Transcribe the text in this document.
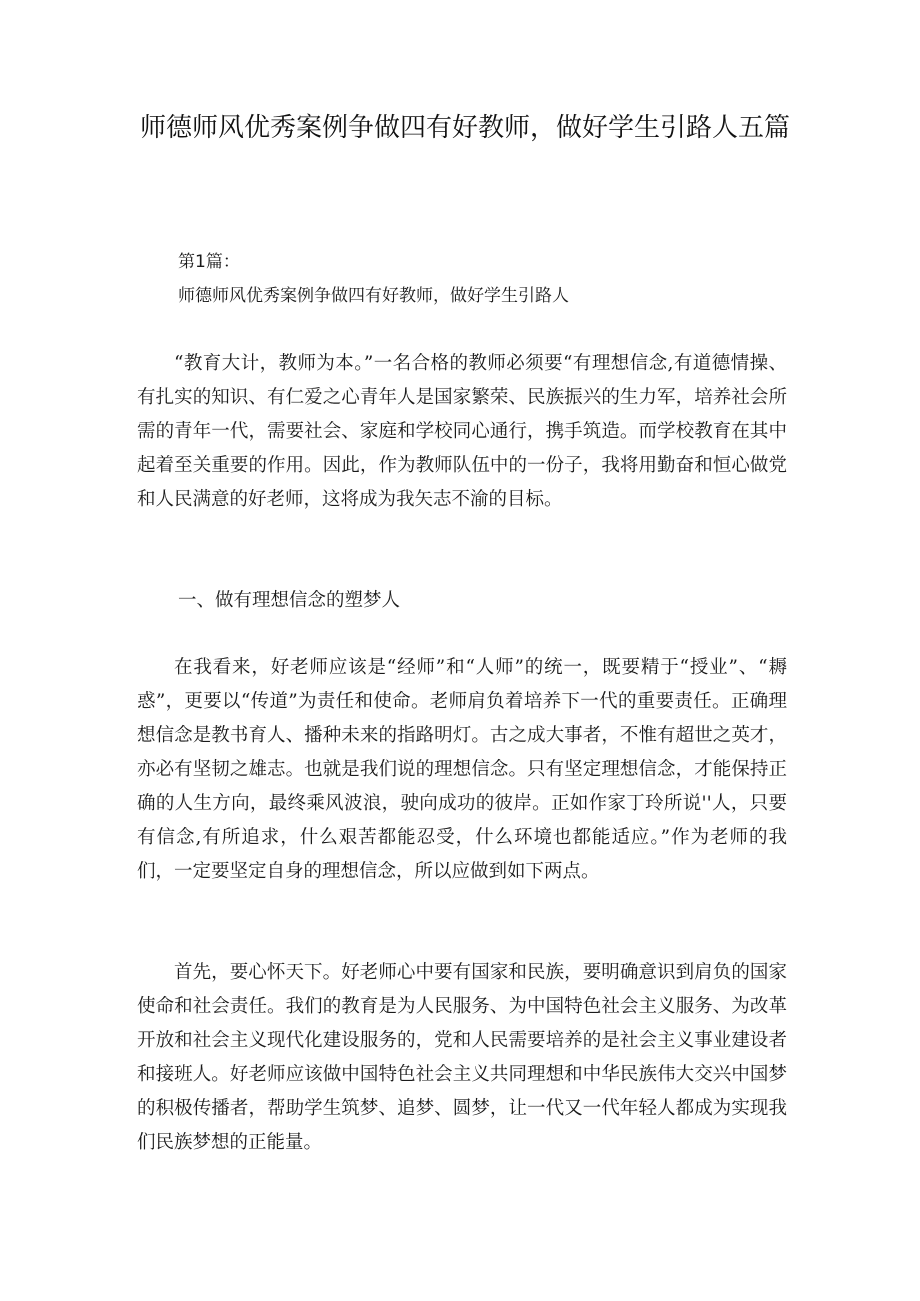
师德师风优秀案例争做四有好教师，做好学生引路人五篇
第1篇：
师德师风优秀案例争做四有好教师，做好学生引路人
“教育大计，教师为本。”一名合格的教师必须要“有理想信念,有道德情操、有扎实的知识、有仁爱之心青年人是国家繁荣、民族振兴的生力军，培养社会所需的青年一代，需要社会、家庭和学校同心通行，携手筑造。而学校教育在其中起着至关重要的作用。因此，作为教师队伍中的一份子，我将用勤奋和恒心做党和人民满意的好老师，这将成为我矢志不渝的目标。
一、做有理想信念的塑梦人
在我看来，好老师应该是“经师”和“人师”的统一，既要精于“授业”、“耨惑”，更要以“传道”为责任和使命。老师肩负着培养下一代的重要责任。正确理想信念是教书育人、播种未来的指路明灯。古之成大事者，不惟有超世之英才，亦必有坚韧之雄志。也就是我们说的理想信念。只有坚定理想信念，才能保持正确的人生方向，最终乘风波浪，驶向成功的彼岸。正如作家丁玲所说''人，只要有信念,有所追求，什么艰苦都能忍受，什么环境也都能适应。”作为老师的我们，一定要坚定自身的理想信念，所以应做到如下两点。
首先，要心怀天下。好老师心中要有国家和民族，要明确意识到肩负的国家使命和社会责任。我们的教育是为人民服务、为中国特色社会主义服务、为改革开放和社会主义现代化建设服务的，党和人民需要培养的是社会主义事业建设者和接班人。好老师应该做中国特色社会主义共同理想和中华民族伟大交兴中国梦的积极传播者，帮助学生筑梦、追梦、圆梦，让一代又一代年轻人都成为实现我们民族梦想的正能量。
